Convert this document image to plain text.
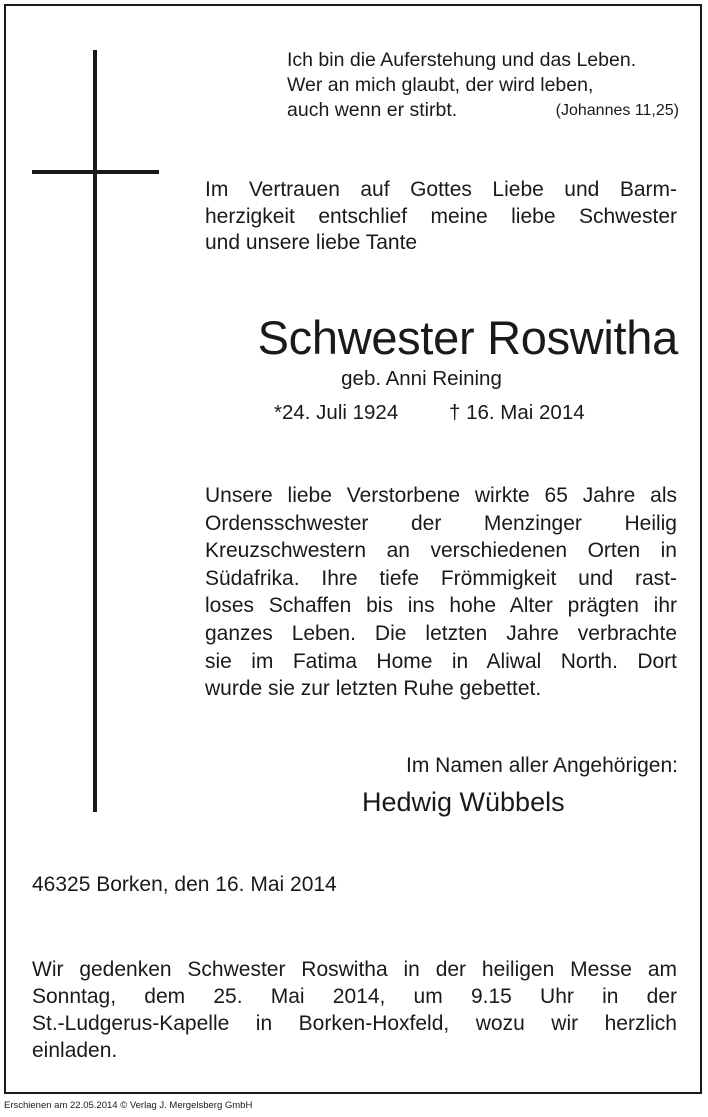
Ich bin die Auferstehung und das Leben.
Wer an mich glaubt, der wird leben,
auch wenn er stirbt.	(Johannes 11,25)
Im Vertrauen auf Gottes Liebe und Barm-
herzigkeit entschlief meine liebe Schwester
und unsere liebe Tante
Schwester Roswitha
geb. Anni Reining
*24. Juli 1924 † 16. Mai 2014
Unsere liebe Verstorbene wirkte 65 Jahre als
Ordensschwester der Menzinger Heilig
Kreuzschwestern an verschiedenen Orten in
Südafrika. Ihre tiefe Frömmigkeit und rast-
loses Schaffen bis ins hohe Alter prägten ihr
ganzes Leben. Die letzten Jahre verbrachte
sie im Fatima Home in Aliwal North. Dort
wurde sie zur letzten Ruhe gebettet.
Im Namen aller Angehörigen:
Hedwig Wübbels
46325 Borken, den 16. Mai 2014
Wir gedenken Schwester Roswitha in der heiligen Messe am
Sonntag, dem 25. Mai 2014, um 9.15 Uhr in der
St.-Ludgerus-Kapelle in Borken-Hoxfeld, wozu wir herzlich
einladen.
Erschienen am 22.05.2014 © Verlag J. Mergelsberg GmbH
